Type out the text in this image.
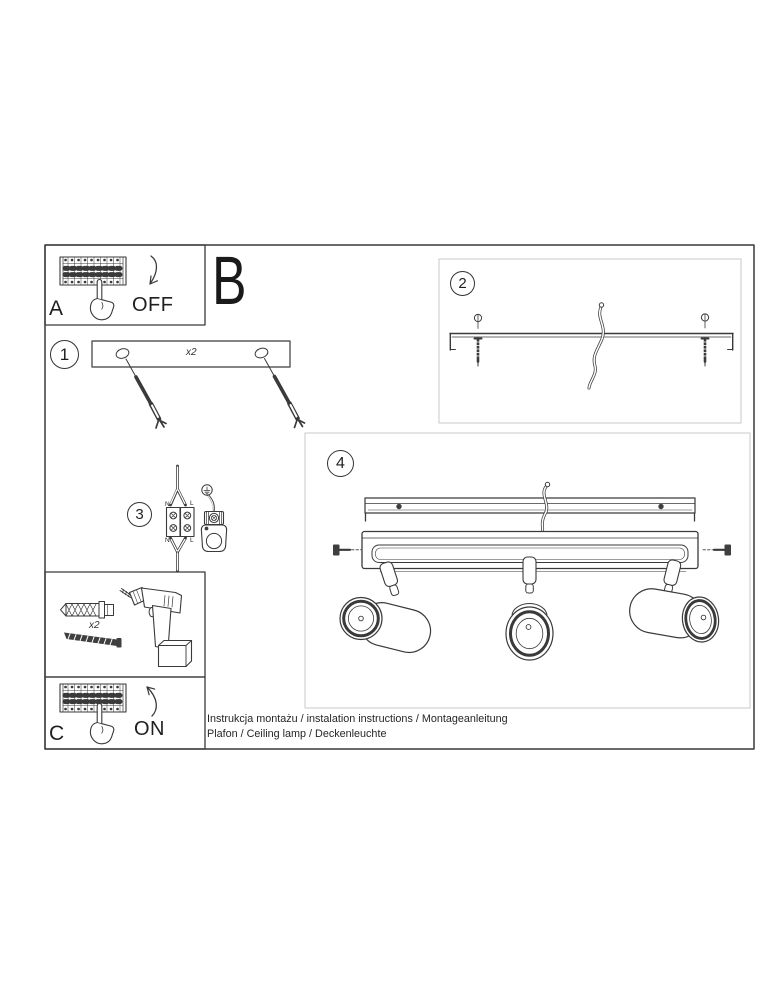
1
2
3
4
A B
C
OFF
ON
x2
x2
N	L
N	L
Instrukcja montażu / instalation instructions / Montageanleitung
Plafon / Ceiling lamp / Deckenleuchte
